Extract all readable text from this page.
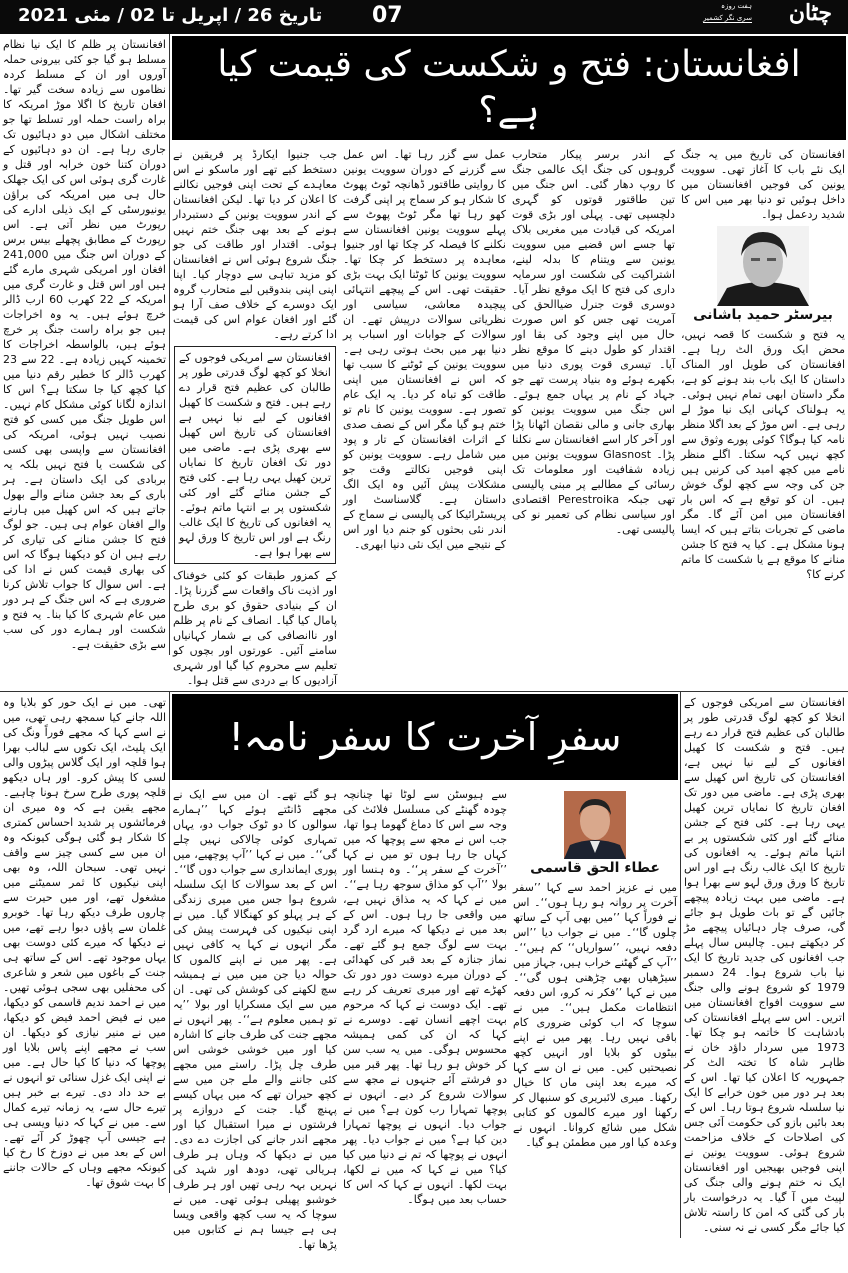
تاریخ 26 / اپریل تا 02 / مئی 2021 07	چٹان
ہفت روزہ
سری نگر کشمیر
افغانستان: فتح و شکست کی قیمت کیا ہے؟

افغانستان کی تاریخ میں یہ جنگ ایک نئے باب کا آغاز تھی۔ سوویت یونین کی فوجیں افغانستان میں داخل ہوئیں تو دنیا بھر میں اس کا شدید ردعمل ہوا۔

بیرسٹر حمید باشانی

یہ فتح و شکست کا قصہ نہیں، محض ایک ورق الٹ رہا ہے۔ افغانستان کی طویل اور المناک داستان کا ایک باب بند ہونے کو ہے، مگر داستان ابھی تمام نہیں ہوئی۔ یہ ہولناک کہانی ایک نیا موڑ لے رہی ہے۔ اس موڑ کے بعد اگلا منظر نامہ کیا ہوگا؟ کوئی پورے وثوق سے کچھ نہیں کہہ سکتا۔ اگلے منظر نامے میں کچھ امید کی کرنیں ہیں جن کی وجہ سے کچھ لوگ خوش ہیں۔ ان کو توقع ہے کہ اس بار افغانستان میں امن آئے گا۔ مگر ماضی کے تجربات بتاتے ہیں کہ ایسا ہونا مشکل ہے۔ کیا یہ فتح کا جشن منانے کا موقع ہے یا شکست کا ماتم کرنے کا؟

کے اندر برسر پیکار متحارب گروہوں کی جنگ ایک عالمی جنگ کا روپ دھار گئی۔ اس جنگ میں تین طاقتور قوتوں کو گہری دلچسپی تھی۔ پہلی اور بڑی قوت امریکہ کی قیادت میں مغربی بلاک تھا جسے اس قضیے میں سوویت یونین سے ویتنام کا بدلہ لینے، اشتراکیت کی شکست اور سرمایہ داری کی فتح کا ایک موقع نظر آیا۔ دوسری قوت جنرل ضیاالحق کی آمریت تھی جس کو اس صورت حال میں اپنے وجود کی بقا اور اقتدار کو طول دینے کا موقع نظر آیا۔ تیسری قوت پوری دنیا میں بکھرے ہوئے وہ بنیاد پرست تھے جو جہاد کے نام پر یہاں جمع ہوئے۔ اس جنگ میں سوویت یونین کو بھاری جانی و مالی نقصان اٹھانا پڑا اور آخر کار اسے افغانستان سے نکلنا پڑا۔ Glasnost سوویت یونین میں زیادہ شفافیت اور معلومات تک رسائی کے مطالبے پر مبنی پالیسی تھی جبکہ Perestroika اقتصادی اور سیاسی نظام کی تعمیر نو کی پالیسی تھی۔

عمل سے گزر رہا تھا۔ اس عمل سے گزرنے کے دوران سوویت یونین کا روایتی طاقتور ڈھانچہ ٹوٹ پھوٹ کا شکار ہو کر سماج پر اپنی گرفت کھو رہا تھا مگر ٹوٹ پھوٹ سے پہلے سوویت یونین افغانستان سے نکلنے کا فیصلہ کر چکا تھا اور جنیوا معاہدہ پر دستخط کر چکا تھا۔ سوویت یونین کا ٹوٹنا ایک بہت بڑی حقیقت تھی۔ اس کے پیچھے انتہائی پیچیدہ معاشی، سیاسی اور نظریاتی سوالات درپیش تھے۔ ان سوالات کے جوابات اور اسباب پر دنیا بھر میں بحث ہوتی رہی ہے۔ سوویت یونین کے ٹوٹنے کا سبب تھا کہ اس نے افغانستان میں اپنی طاقت کو تباہ کر دیا۔ یہ ایک عام تصور ہے۔ سوویت یونین کا نام تو ختم ہو گیا مگر اس کے نصف صدی کے اثرات افغانستان کے تار و پود میں شامل رہے۔ سوویت یونین کو اپنی فوجیں نکالتے وقت جو مشکلات پیش آئیں وہ ایک الگ داستان ہے۔ گلاسناسٹ اور پریسٹرائیکا کی پالیسی نے سماج کے اندر نئی بحثوں کو جنم دیا اور اس کے نتیجے میں ایک نئی دنیا ابھری۔

جب جنیوا ایکارڈ پر فریقین نے دستخط کیے تھے اور ماسکو نے اس معاہدے کے تحت اپنی فوجیں نکالنے کا اعلان کر دیا تھا۔ لیکن افغانستان کے اندر سوویت یونین کے دستبردار ہونے کے بعد بھی جنگ ختم نہیں ہوئی۔ اقتدار اور طاقت کی جو جنگ شروع ہوئی اس نے افغانستان کو مزید تباہی سے دوچار کیا۔ اپنا اپنی اپنی بندوقیں لیے متحارب گروہ ایک دوسرے کے خلاف صف آرا ہو گئے اور افغان عوام اس کی قیمت ادا کرتے رہے۔

افغانستان سے امریکی فوجوں کے انخلا کو کچھ لوگ قدرتی طور پر طالبان کی عظیم فتح قرار دے رہے ہیں۔ فتح و شکست کا کھیل افغانوں کے لیے نیا نہیں ہے افغانستان کی تاریخ اس کھیل سے بھری پڑی ہے۔ ماضی میں دور تک افغان تاریخ کا نمایاں ترین کھیل یہی رہا ہے۔ کئی فتح کے جشن منائے گئے اور کئی شکستوں پر بے انتہا ماتم ہوئے۔ یہ افغانوں کی تاریخ کا ایک غالب رنگ ہے اور اس تاریخ کا ورق لہو سے بھرا ہوا ہے۔

کے کمزور طبقات کو کئی خوفناک اور اذیت ناک واقعات سے گزرنا پڑا۔ ان کے بنیادی حقوق کو بری طرح پامال کیا گیا۔ انصاف کے نام پر ظلم اور ناانصافی کی بے شمار کہانیاں سامنے آئیں۔ عورتوں اور بچوں کو تعلیم سے محروم کیا گیا اور شہری آزادیوں کا بے دردی سے قتل ہوا۔

افغانستان پر ظلم کا ایک نیا نظام مسلط ہو گیا جو کئی بیرونی حملہ آوروں اور ان کے مسلط کردہ نظاموں سے زیادہ سخت گیر تھا۔ افغان تاریخ کا اگلا موڑ امریکہ کا براہ راست حملہ اور تسلط تھا جو مختلف اشکال میں دو دہائیوں تک جاری رہا ہے۔ ان دو دہائیوں کے دوران کتنا خون خرابہ اور قتل و غارت گری ہوئی اس کی ایک جھلک حال ہی میں امریکہ کی براؤن یونیورسٹی کے ایک ذیلی ادارے کی رپورٹ میں نظر آتی ہے۔ اس رپورٹ کے مطابق پچھلے بیس برس کے دوران اس جنگ میں 241,000 افغان اور امریکی شہری مارے گئے ہیں اور اس قتل و غارت گری میں امریکہ کے 22 کھرب 60 ارب ڈالر خرچ ہوئے ہیں۔ یہ وہ اخراجات ہیں جو براہ راست جنگ پر خرچ ہوئے ہیں، بالواسطہ اخراجات کا تخمینہ کہیں زیادہ ہے۔ 22 سے 23 کھرب ڈالر کا خطیر رقم دنیا میں کیا کچھ کیا جا سکتا ہے؟ اس کا اندازہ لگانا کوئی مشکل کام نہیں۔ اس طویل جنگ میں کسی کو فتح نصیب نہیں ہوئی، امریکہ کی افغانستان سے واپسی بھی کسی کی شکست یا فتح نہیں بلکہ یہ بربادی کی ایک داستان ہے۔ ہر باری کے بعد جشن منانے والے بھول جاتے ہیں کہ اس کھیل میں ہارنے والے افغان عوام ہی ہیں۔ جو لوگ فتح کا جشن منانے کی تیاری کر رہے ہیں ان کو دیکھنا ہوگا کہ اس کی بھاری قیمت کس نے ادا کی ہے۔ اس سوال کا جواب تلاش کرنا ضروری ہے کہ اس جنگ کے ہر دور میں عام شہری کا کیا بنا۔ یہ فتح و شکست اور ہمارے دور کی سب سے بڑی حقیقت ہے۔

افغانستان سے امریکی فوجوں کے انخلا کو کچھ لوگ قدرتی طور پر طالبان کی عظیم فتح قرار دے رہے ہیں۔ فتح و شکست کا کھیل افغانوں کے لیے نیا نہیں ہے، افغانستان کی تاریخ اس کھیل سے بھری پڑی ہے۔ ماضی میں دور تک افغان تاریخ کا نمایاں ترین کھیل یہی رہا ہے۔ کئی فتح کے جشن منائے گئے اور کئی شکستوں پر بے انتہا ماتم ہوئے۔ یہ افغانوں کی تاریخ کا ایک غالب رنگ ہے اور اس تاریخ کا ورق ورق لہو سے بھرا ہوا ہے۔ ماضی میں بہت زیادہ پیچھے جائیں گے تو بات طویل ہو جائے گی، صرف چار دہائیاں پیچھے مڑ کر دیکھتے ہیں۔ چالیس سال پہلے جب افغانوں کی جدید تاریخ کا ایک نیا باب شروع ہوا۔ 24 دسمبر 1979 کو شروع ہونے والی جنگ سے سوویت افواج افغانستان میں اتریں۔ اس سے پہلے افغانستان کی بادشاہت کا خاتمہ ہو چکا تھا۔ 1973 میں سردار داؤد خان نے ظاہر شاہ کا تختہ الٹ کر جمہوریہ کا اعلان کیا تھا۔ اس کے بعد ہر دور میں خون خرابے کا ایک نیا سلسلہ شروع ہوتا رہا۔ اس کے بعد بائیں بازو کی حکومت آئی جس کی اصلاحات کے خلاف مزاحمت شروع ہوئی۔ سوویت یونین نے اپنی فوجیں بھیجیں اور افغانستان ایک نہ ختم ہونے والی جنگ کی لپیٹ میں آ گیا۔ یہ درخواست بار بار کی گئی کہ امن کا راستہ تلاش کیا جائے مگر کسی نے نہ سنی۔

سفرِ آخرت کا سفر نامہ!
عطاء الحق قاسمی

میں نے عزیز احمد سے کہا ’’سفر آخرت پر روانہ ہو رہا ہوں‘‘۔ اس نے فوراً کہا ’’میں بھی آپ کے ساتھ چلوں گا‘‘۔ میں نے جواب دیا ’’اس دفعہ نہیں، ’’سواریاں‘‘ کم ہیں‘‘۔ ’’آپ کے گھٹنے خراب ہیں، جہاز میں سیڑھیاں بھی چڑھنی ہوں گی‘‘۔ میں نے کہا ’’فکر نہ کرو، اس دفعہ انتظامات مکمل ہیں‘‘۔ میں نے سوچا کہ اب کوئی ضروری کام باقی نہیں رہا۔ پھر میں نے اپنے بیٹوں کو بلایا اور انہیں کچھ نصیحتیں کیں۔ میں نے ان سے کہا کہ میرے بعد اپنی ماں کا خیال رکھنا۔ میری لائبریری کو سنبھال کر رکھنا اور میرے کالموں کو کتابی شکل میں شائع کروانا۔ انہوں نے وعدہ کیا اور میں مطمئن ہو گیا۔

سے ہیوسٹن سے لوٹا تھا چنانچہ چودہ گھنٹے کی مسلسل فلائٹ کی وجہ سے اس کا دماغ گھوما ہوا تھا، جب اس نے مجھ سے پوچھا کہ میں کہاں جا رہا ہوں تو میں نے کہا ’’آخرت کے سفر پر‘‘۔ وہ ہنسا اور بولا ’’آپ کو مذاق سوجھ رہا ہے‘‘۔ میں نے کہا کہ یہ مذاق نہیں ہے، میں واقعی جا رہا ہوں۔ اس کے بعد میں نے دیکھا کہ میرے ارد گرد بہت سے لوگ جمع ہو گئے تھے۔ نماز جنازہ کے بعد قبر کی کھدائی کے دوران میرے دوست دور دور تک کھڑے تھے اور میری تعریف کر رہے تھے۔ ایک دوست نے کہا کہ مرحوم بہت اچھے انسان تھے۔ دوسرے نے کہا کہ ان کی کمی ہمیشہ محسوس ہوگی۔ میں یہ سب سن کر خوش ہو رہا تھا۔ پھر قبر میں دو فرشتے آئے جنہوں نے مجھ سے سوالات شروع کر دیے۔ انہوں نے پوچھا تمہارا رب کون ہے؟ میں نے جواب دیا۔ انہوں نے پوچھا تمہارا دین کیا ہے؟ میں نے جواب دیا۔ پھر انہوں نے پوچھا کہ تم نے دنیا میں کیا کیا؟ میں نے کہا کہ میں نے لکھا، بہت لکھا۔ انہوں نے کہا کہ اس کا حساب بعد میں ہوگا۔

ہو گئے تھے۔ ان میں سے ایک نے مجھے ڈانٹتے ہوئے کہا ’’ہمارے سوالوں کا دو ٹوک جواب دو، یہاں تمہاری کوئی چالاکی نہیں چلے گی‘‘۔ میں نے کہا ’’آپ پوچھیے، میں پوری ایمانداری سے جواب دوں گا‘‘۔ اس کے بعد سوالات کا ایک سلسلہ شروع ہوا جس میں میری زندگی کے ہر پہلو کو کھنگالا گیا۔ میں نے اپنی نیکیوں کی فہرست پیش کی مگر انہوں نے کہا یہ کافی نہیں ہے۔ پھر میں نے اپنے کالموں کا حوالہ دیا جن میں میں نے ہمیشہ سچ لکھنے کی کوشش کی تھی۔ ان میں سے ایک مسکرایا اور بولا ’’یہ تو ہمیں معلوم ہے‘‘۔ پھر انہوں نے مجھے جنت کی طرف جانے کا اشارہ کیا اور میں خوشی خوشی اس طرف چل پڑا۔ راستے میں مجھے کئی جاننے والے ملے جن میں سے کچھ حیران تھے کہ میں یہاں کیسے پہنچ گیا۔ جنت کے دروازے پر فرشتوں نے میرا استقبال کیا اور مجھے اندر جانے کی اجازت دے دی۔ میں نے دیکھا کہ وہاں ہر طرف ہریالی تھی، دودھ اور شہد کی نہریں بہہ رہی تھیں اور ہر طرف خوشبو پھیلی ہوئی تھی۔ میں نے سوچا کہ یہ سب کچھ واقعی ویسا ہی ہے جیسا ہم نے کتابوں میں پڑھا تھا۔

تھی۔ میں نے ایک حور کو بلایا وہ اللہ جانے کیا سمجھ رہی تھی، میں نے اسے کہا کہ مجھے فوراً ونگ کی ایک پلیٹ، ایک تکوں سے لبالب بھرا ہوا قلچہ اور ایک گلاس پیڑوں والی لسی کا پیش کرو۔ اور ہاں دیکھو قلچہ پوری طرح سرخ ہونا چاہیے۔ مجھے یقین ہے کہ وہ میری ان فرمائشوں پر شدید احساس کمتری کا شکار ہو گئی ہوگی کیونکہ وہ ان میں سے کسی چیز سے واقف نہیں تھی۔ سبحان اللہ، وہ بھی اپنی نیکیوں کا ثمر سمیٹنے میں مشغول تھے، اور میں حیرت سے چاروں طرف دیکھ رہا تھا۔ خوبرو غلمان سے پاؤں دبوا رہے تھے، میں نے دیکھا کہ میرے کئی دوست بھی یہاں موجود تھے۔ اس کے ساتھ ہی جنت کے باغوں میں شعر و شاعری کی محفلیں بھی سجی ہوئی تھیں۔ میں نے احمد ندیم قاسمی کو دیکھا، میں نے فیض احمد فیض کو دیکھا، میں نے منیر نیازی کو دیکھا۔ ان سب نے مجھے اپنے پاس بلایا اور پوچھا کہ دنیا کا کیا حال ہے۔ میں نے اپنی ایک غزل سنائی تو انہوں نے بے حد داد دی۔ تیرے بے خبر ہیں تیرے حال سے، یہ زمانہ تیرے کمال سے۔ میں نے کہا کہ دنیا ویسی ہی ہے جیسی آپ چھوڑ کر آئے تھے۔ اس کے بعد میں نے دوزخ کا رخ کیا کیونکہ مجھے وہاں کے حالات جاننے کا بہت شوق تھا۔
